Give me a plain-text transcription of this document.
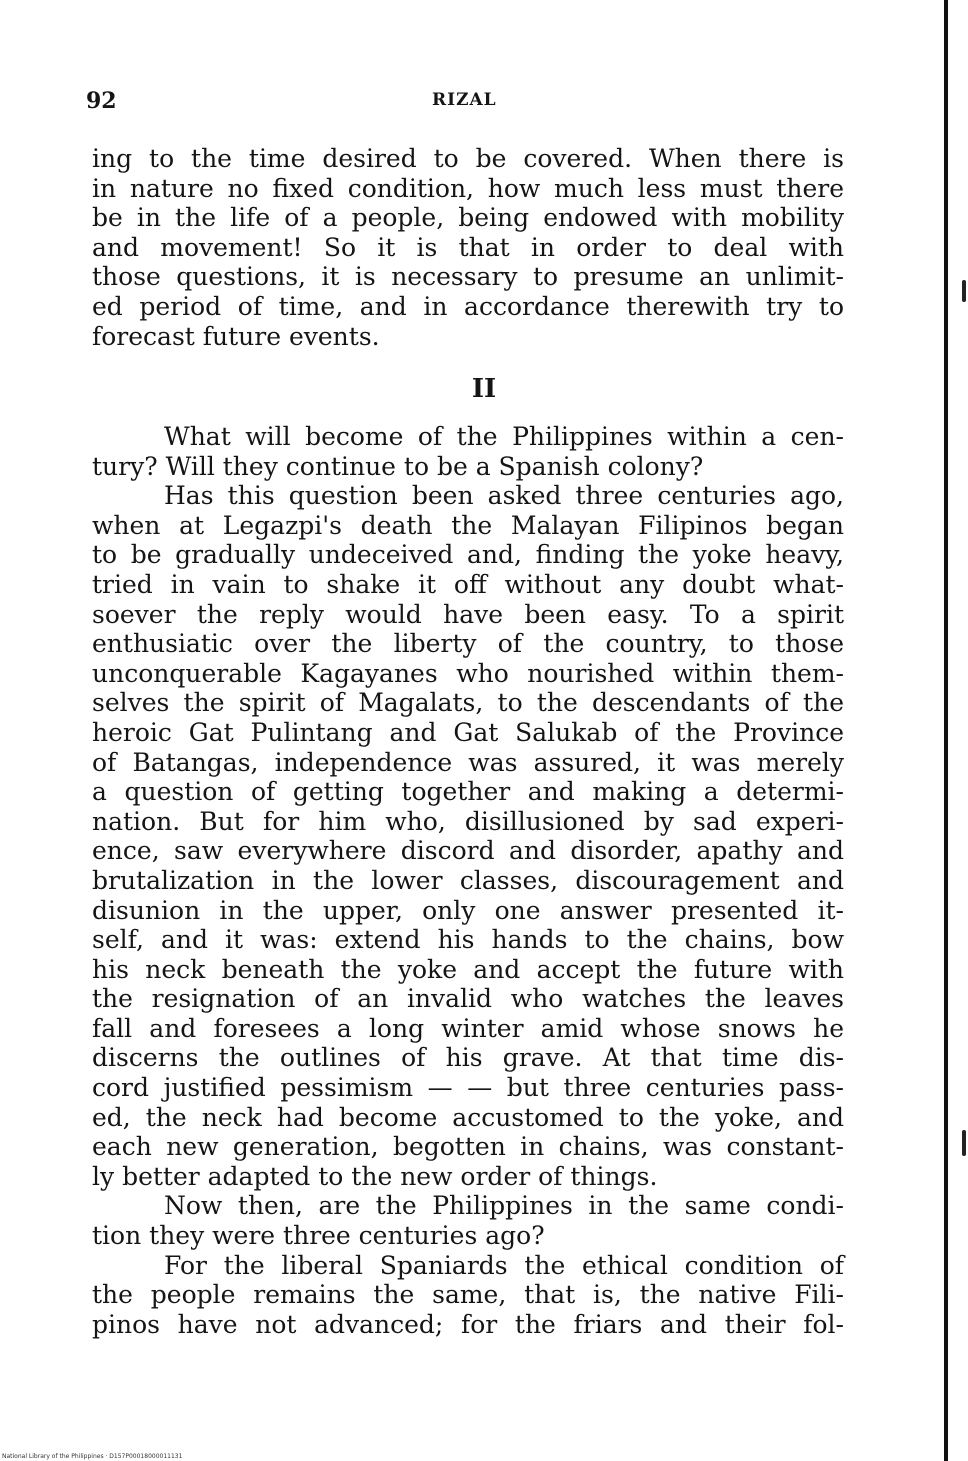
92	RIZAL
ing to the time desired to be covered. When there is
in nature no fixed condition, how much less must there
be in the life of a people, being endowed with mobility
and movement! So it is that in order to deal with
those questions, it is necessary to presume an unlimit-
ed period of time, and in accordance therewith try to
forecast future events.
II
What will become of the Philippines within a cen-
tury? Will they continue to be a Spanish colony?
Has this question been asked three centuries ago,
when at Legazpi's death the Malayan Filipinos began
to be gradually undeceived and, finding the yoke heavy,
tried in vain to shake it off without any doubt what-
soever the reply would have been easy. To a spirit
enthusiatic over the liberty of the country, to those
unconquerable Kagayanes who nourished within them-
selves the spirit of Magalats, to the descendants of the
heroic Gat Pulintang and Gat Salukab of the Province
of Batangas, independence was assured, it was merely
a question of getting together and making a determi-
nation. But for him who, disillusioned by sad experi-
ence, saw everywhere discord and disorder, apathy and
brutalization in the lower classes, discouragement and
disunion in the upper, only one answer presented it-
self, and it was: extend his hands to the chains, bow
his neck beneath the yoke and accept the future with
the resignation of an invalid who watches the leaves
fall and foresees a long winter amid whose snows he
discerns the outlines of his grave. At that time dis-
cord justified pessimism — — but three centuries pass-
ed, the neck had become accustomed to the yoke, and
each new generation, begotten in chains, was constant-
ly better adapted to the new order of things.
Now then, are the Philippines in the same condi-
tion they were three centuries ago?
For the liberal Spaniards the ethical condition of
the people remains the same, that is, the native Fili-
pinos have not advanced; for the friars and their fol-
National Library of the Philippines · D157P00018000011131
